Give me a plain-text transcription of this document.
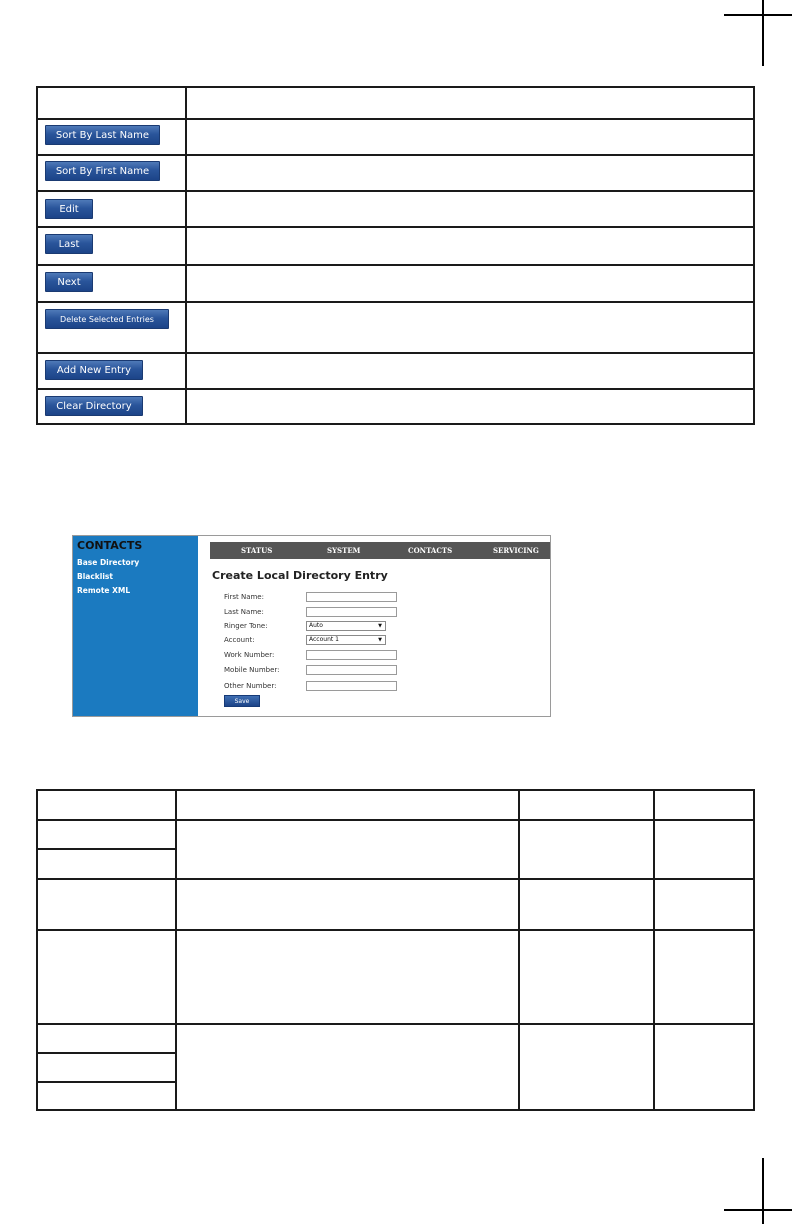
Sort By Last Name
Sort By First Name
Edit
Last
Next
Delete Selected Entries
Add New Entry
Clear Directory
CONTACTS
Base Directory
Blacklist
Remote XML
STATUS	SYSTEM	CONTACTS	SERVICING
Create Local Directory Entry
First Name:
Last Name:
Ringer Tone:	Auto	▼
Account:	Account 1	▼
Work Number:
Mobile Number:
Other Number:
Save
